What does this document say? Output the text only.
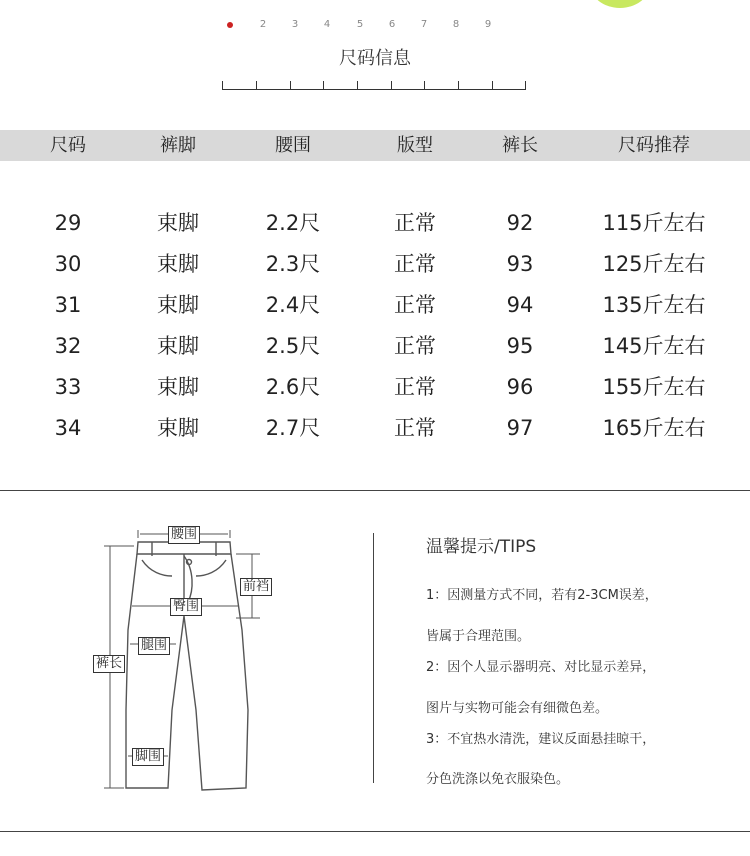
2	3	4	5	6	7	8	9
尺码信息
尺码	裤脚	腰围	版型	裤长	尺码推荐
29	束脚	2.2尺	正常	92	115斤左右
30	束脚	2.3尺	正常	93	125斤左右
31	束脚	2.4尺	正常	94	135斤左右
32	束脚	2.5尺	正常	95	145斤左右
33	束脚	2.6尺	正常	96	155斤左右
34	束脚	2.7尺	正常	97	165斤左右
腰围
前裆
臀围
腿围
裤长
脚围
温馨提示/TIPS
1：因测量方式不同，若有2-3CM误差，
皆属于合理范围。
2：因个人显示器明亮、对比显示差异，
图片与实物可能会有细微色差。
3：不宜热水清洗，建议反面悬挂晾干，
分色洗涤以免衣服染色。
